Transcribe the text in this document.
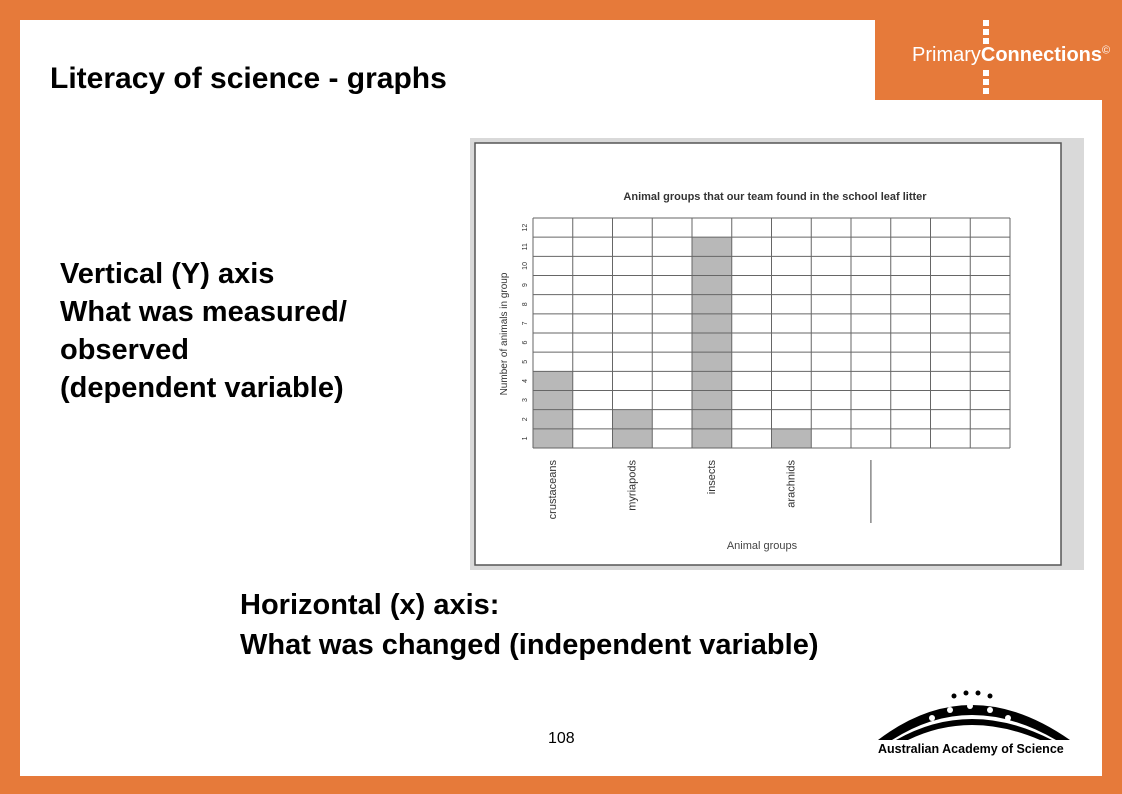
PrimaryConnections©
Literacy of science - graphs
Vertical (Y) axis
What was measured/
observed
(dependent variable)
Animal groups that our team found in the school leaf litter
Number of animals in group
Animal groups
1
2
3
4
5
6
7
8
9
10
11
12
crustaceans	myriapods	insects	arachnids
Horizontal (x) axis:
What was changed (independent variable)
108
Australian Academy of Science
